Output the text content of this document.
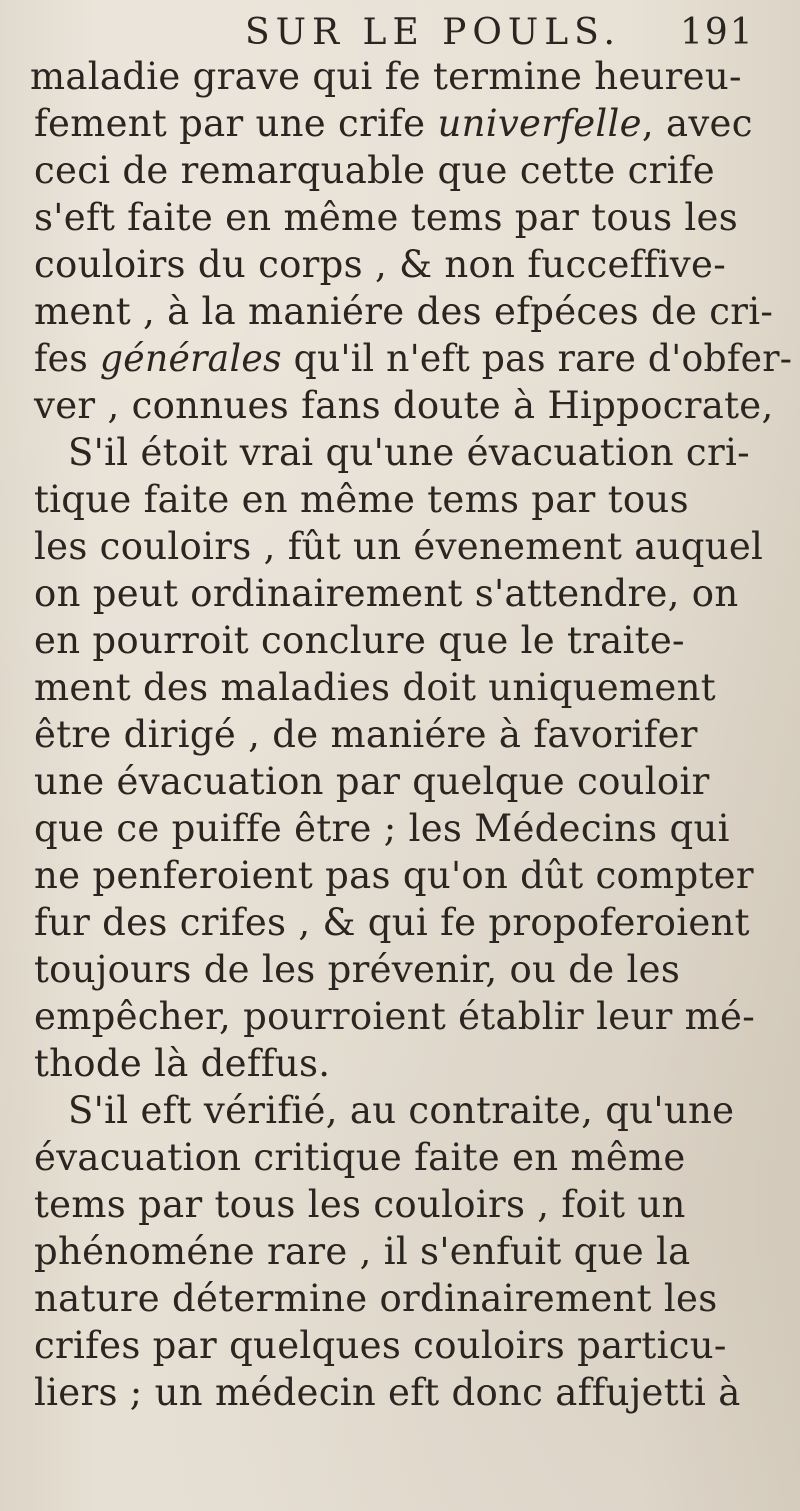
SUR LE POULS. 191
maladie grave qui fe termine heureu-
fement par une crife univerfelle, avec
ceci de remarquable que cette crife
s'eft faite en même tems par tous les
couloirs du corps , & non fucceffive-
ment , à la maniére des efpéces de cri-
fes générales qu'il n'eft pas rare d'obfer-
ver , connues fans doute à Hippocrate,
S'il étoit vrai qu'une évacuation cri-
tique faite en même tems par tous
les couloirs , fût un évenement auquel
on peut ordinairement s'attendre, on
en pourroit conclure que le traite-
ment des maladies doit uniquement
être dirigé , de maniére à favorifer
une évacuation par quelque couloir
que ce puiffe être ; les Médecins qui
ne penferoient pas qu'on dût compter
fur des crifes , & qui fe propoferoient
toujours de les prévenir, ou de les
empêcher, pourroient établir leur mé-
thode là deffus.
S'il eft vérifié, au contraite, qu'une
évacuation critique faite en même
tems par tous les couloirs , foit un
phénoméne rare , il s'enfuit que la
nature détermine ordinairement les
crifes par quelques couloirs particu-
liers ; un médecin eft donc affujetti à
